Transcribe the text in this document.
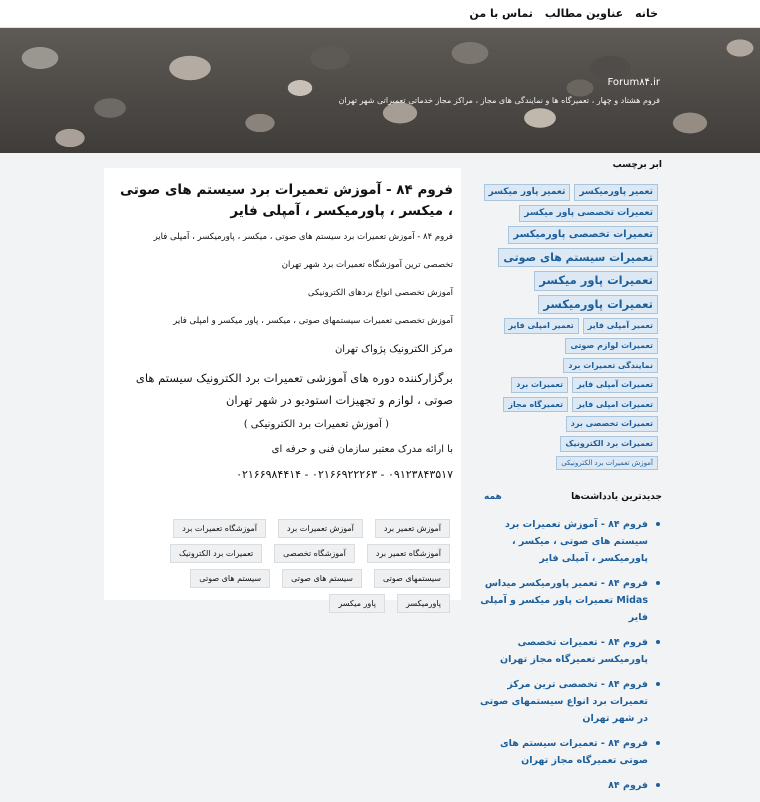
خانه
عناوین مطالب
تماس با من
Forum۸۴.ir
فروم هشتاد و چهار ، تعمیرگاه ها و نمایندگی های مجاز ، مراکز مجاز خدماتی تعمیراتی شهر تهران
فروم ۸۴ - آموزش تعمیرات برد سیستم های صوتی ، میکسر ، پاورمیکسر ، آمپلی فایر

فروم ۸۴ - آموزش تعمیرات برد سیستم های صوتی ، میکسر ، پاورمیکسر ، آمپلی فایر

تخصصی ترین آموزشگاه تعمیرات برد شهر تهران

آموزش تخصصی انواع بردهای الکترونیکی

آموزش تخصصی تعمیرات سیستمهای صوتی ، میکسر ، پاور میکسر و امپلی فایر

مرکز الکترونیک پژواک تهران

برگزارکننده دوره های آموزشی تعمیرات برد الکترونیک سیستم های صوتی ، لوازم و تجهیزات استودیو در شهر تهران

( آموزش تعمیرات برد الکترونیکی )

با ارائه مدرک معتبر سازمان فنی و حرفه ای

۰۹۱۲۳۸۴۳۵۱۷ - ۰۲۱۶۶۹۲۲۲۶۳ - ۰۲۱۶۶۹۸۴۴۱۴

آموزش تعمیر برد
آموزش تعمیرات برد
آموزشگاه تعمیرات برد
آموزشگاه تعمیر برد
آموزشگاه تخصصی
تعمیرات برد الکترونیک
سیستمهای صوتی
سیستم های صوتی
سیستم های صوتی
پاورمیکسر
پاور میکسر
ابر برچسب
تعمیر پاورمیکسر
تعمیر پاور میکسر
تعمیرات تخصصی پاور میکسر
تعمیرات تخصصی پاورمیکسر
تعمیرات سیستم های صوتی
تعمیرات پاور میکسر
تعمیرات پاورمیکسر
تعمیر آمپلی فایر
تعمیر امپلی فایر
تعمیرات لوازم صوتی
نمایندگی تعمیرات برد
تعمیرات آمپلی فایر
تعمیرات برد
تعمیرات امپلی فایر
تعمیرگاه مجاز
تعمیرات تخصصی برد
تعمیرات برد الکترونیک
آموزش تعمیرات برد الکترونیکی
جدیدترین یادداشت‌ها
همه
فروم ۸۴ - آموزش تعمیرات برد سیستم های صوتی ، میکسر ، پاورمیکسر ، آمپلی فایر
فروم ۸۴ - تعمیر پاورمیکسر میداس Midas تعمیرات پاور میکسر و آمپلی فایر
فروم ۸۴ - تعمیرات تخصصی پاورمیکسر تعمیرگاه مجاز تهران
فروم ۸۴ - تخصصی ترین مرکز تعمیرات برد انواع سیستمهای صوتی در شهر تهران
فروم ۸۴ - تعمیرات سیستم های صوتی تعمیرگاه مجاز تهران
فروم ۸۴
